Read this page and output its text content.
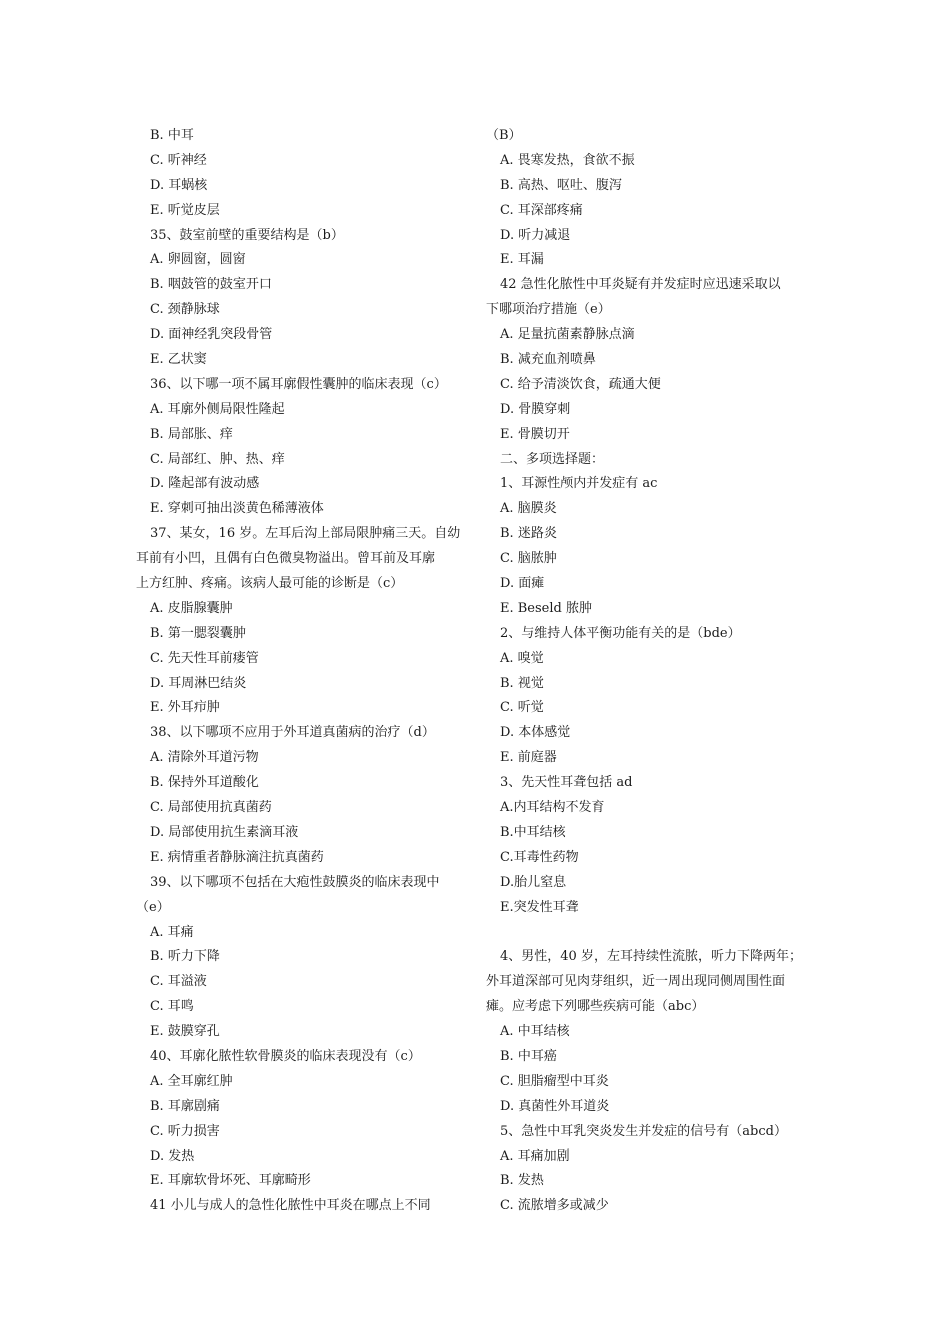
B. 中耳
C. 听神经
D. 耳蜗核
E. 听觉皮层
35、鼓室前壁的重要结构是（b）
A. 卵圆窗，圆窗
B. 咽鼓管的鼓室开口
C. 颈静脉球
D. 面神经乳突段骨管
E. 乙状窦
36、以下哪一项不属耳廓假性囊肿的临床表现（c）
A. 耳廓外侧局限性隆起
B. 局部胀、痒
C. 局部红、肿、热、痒
D. 隆起部有波动感
E. 穿刺可抽出淡黄色稀薄液体
37、某女，16 岁。左耳后沟上部局限肿痛三天。自幼
耳前有小凹，且偶有白色微臭物溢出。曾耳前及耳廓
上方红肿、疼痛。该病人最可能的诊断是（c）
A. 皮脂腺囊肿
B. 第一腮裂囊肿
C. 先天性耳前瘘管
D. 耳周淋巴结炎
E. 外耳疖肿
38、以下哪项不应用于外耳道真菌病的治疗（d）
A. 清除外耳道污物
B. 保持外耳道酸化
C. 局部使用抗真菌药
D. 局部使用抗生素滴耳液
E. 病情重者静脉滴注抗真菌药
39、以下哪项不包括在大疱性鼓膜炎的临床表现中
（e）
A. 耳痛
B. 听力下降
C. 耳溢液
C. 耳鸣
E. 鼓膜穿孔
40、耳廓化脓性软骨膜炎的临床表现没有（c）
A. 全耳廓红肿
B. 耳廓剧痛
C. 听力损害
D. 发热
E. 耳廓软骨坏死、耳廓畸形
41 小儿与成人的急性化脓性中耳炎在哪点上不同
（B）
A. 畏寒发热，食欲不振
B. 高热、呕吐、腹泻
C. 耳深部疼痛
D. 听力减退
E. 耳漏
42 急性化脓性中耳炎疑有并发症时应迅速采取以
下哪项治疗措施（e）
A. 足量抗菌素静脉点滴
B. 减充血剂喷鼻
C. 给予清淡饮食，疏通大便
D. 骨膜穿刺
E. 骨膜切开
二、多项选择题：
1、耳源性颅内并发症有 ac
A. 脑膜炎
B. 迷路炎
C. 脑脓肿
D. 面瘫
E. Beseld 脓肿
2、与维持人体平衡功能有关的是（bde）
A. 嗅觉
B. 视觉
C. 听觉
D. 本体感觉
E. 前庭器
3、先天性耳聋包括 ad
A.内耳结构不发育
B.中耳结核
C.耳毒性药物
D.胎儿窒息
E.突发性耳聋
4、男性，40 岁，左耳持续性流脓，听力下降两年；
外耳道深部可见肉芽组织，近一周出现同侧周围性面
瘫。应考虑下列哪些疾病可能（abc）
A. 中耳结核
B. 中耳癌
C. 胆脂瘤型中耳炎
D. 真菌性外耳道炎
5、急性中耳乳突炎发生并发症的信号有（abcd）
A. 耳痛加剧
B. 发热
C. 流脓增多或减少
